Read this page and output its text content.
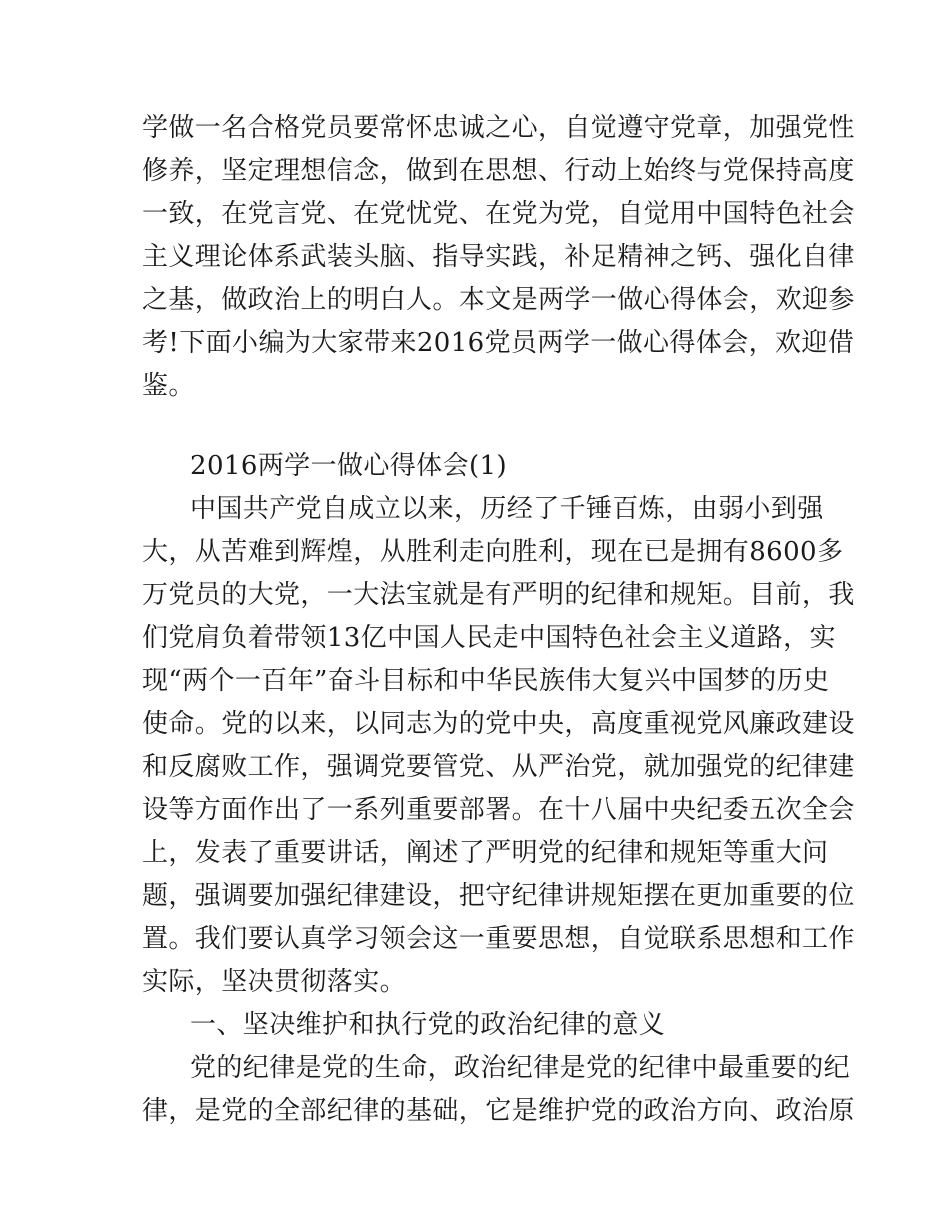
学做一名合格党员要常怀忠诚之心，自觉遵守党章，加强党性
修养，坚定理想信念，做到在思想、行动上始终与党保持高度
一致，在党言党、在党忧党、在党为党，自觉用中国特色社会
主义理论体系武装头脑、指导实践，补足精神之钙、强化自律
之基，做政治上的明白人。本文是两学一做心得体会，欢迎参
考!下面小编为大家带来2016党员两学一做心得体会，欢迎借
鉴。
2016两学一做心得体会(1)
中国共产党自成立以来，历经了千锤百炼，由弱小到强
大，从苦难到辉煌，从胜利走向胜利，现在已是拥有8600多
万党员的大党，一大法宝就是有严明的纪律和规矩。目前，我
们党肩负着带领13亿中国人民走中国特色社会主义道路，实
现“两个一百年”奋斗目标和中华民族伟大复兴中国梦的历史
使命。党的以来，以同志为的党中央，高度重视党风廉政建设
和反腐败工作，强调党要管党、从严治党，就加强党的纪律建
设等方面作出了一系列重要部署。在十八届中央纪委五次全会
上，发表了重要讲话，阐述了严明党的纪律和规矩等重大问
题，强调要加强纪律建设，把守纪律讲规矩摆在更加重要的位
置。我们要认真学习领会这一重要思想，自觉联系思想和工作
实际，坚决贯彻落实。
一、坚决维护和执行党的政治纪律的意义
党的纪律是党的生命，政治纪律是党的纪律中最重要的纪
律，是党的全部纪律的基础，它是维护党的政治方向、政治原
